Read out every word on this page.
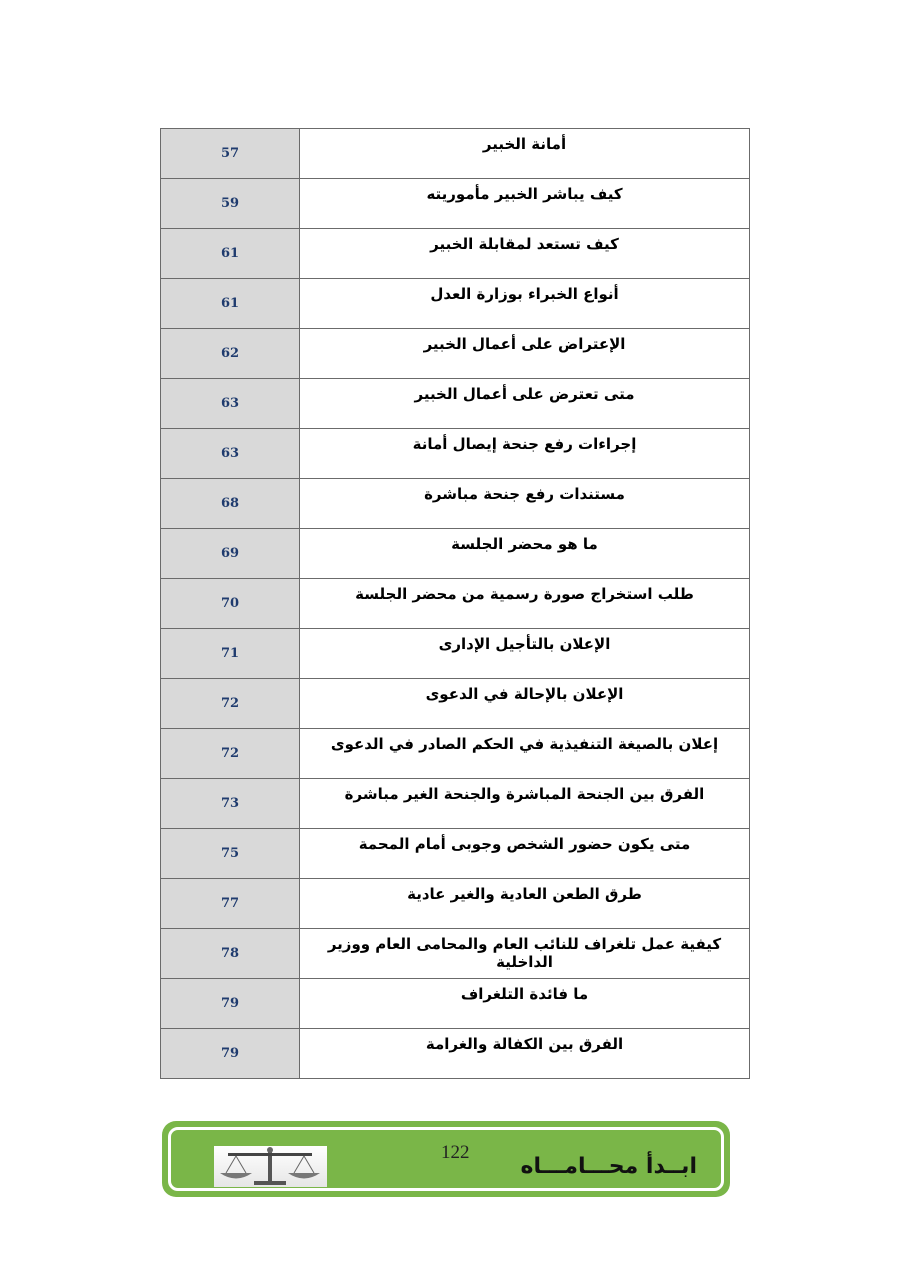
57	أمانة الخبير
59	كيف يباشر الخبير مأموريته
61	كيف تستعد لمقابلة الخبير
61	أنواع الخبراء بوزارة العدل
62	الإعتراض على أعمال الخبير
63	متى تعترض على أعمال الخبير
63	إجراءات رفع جنحة إيصال أمانة
68	مستندات رفع جنحة مباشرة
69	ما هو محضر الجلسة
70	طلب استخراج صورة رسمية من محضر الجلسة
71	الإعلان بالتأجيل الإدارى
72	الإعلان بالإحالة في الدعوى
72	إعلان بالصيغة التنفيذية في الحكم الصادر في الدعوى
73	الفرق بين الجنحة المباشرة والجنحة الغير مباشرة
75	متى يكون حضور الشخص وجوبى أمام المحمة
77	طرق الطعن العادية والغير عادية
78	كيفية عمل تلغراف للنائب العام والمحامى العام ووزير الداخلية
79	ما فائدة التلغراف
79	الفرق بين الكفالة والغرامة
122
ابــدأ محـــامـــاه
